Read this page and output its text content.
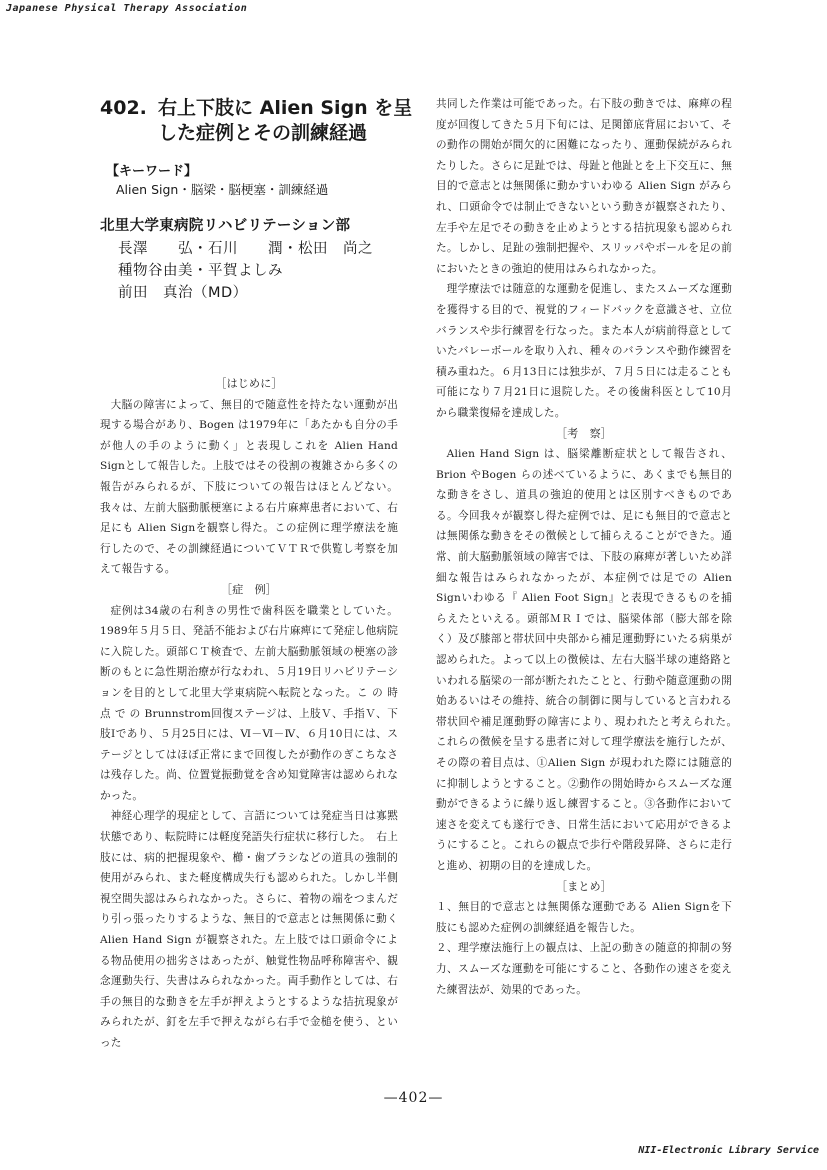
Japanese Physical Therapy Association
402. 右上下肢に Alien Sign を呈
した症例とその訓練経過
【キーワード】
Alien Sign・脳梁・脳梗塞・訓練経過
北里大学東病院リハビリテーション部
長澤　　弘・石川　　潤・松田　尚之
種物谷由美・平賀よしみ
前田　真治（MD）
［はじめに］

大脳の障害によって、無目的で随意性を持たない運動が出現する場合があり、Bogen は1979年に「あたかも自分の手が他人の手のように動く」と表現しこれを Alien Hand Signとして報告した。上肢ではその役割の複雑さから多くの報告がみられるが、下肢についての報告はほとんどない。我々は、左前大脳動脈梗塞による右片麻痺患者において、右足にも Alien Signを観察し得た。この症例に理学療法を施行したので、その訓練経過についてＶＴＲで供覧し考察を加えて報告する。

［症　例］

症例は34歳の右利きの男性で歯科医を職業としていた。1989年５月５日、発話不能および右片麻痺にて発症し他病院に入院した。頭部ＣＴ検査で、左前大脳動脈領域の梗塞の診断のもとに急性期治療が行なわれ、５月19日リハビリテーションを目的として北里大学東病院へ転院となった。こ の 時 点 で の Brunnstrom回復ステージは、上肢Ｖ、手指Ｖ、下肢Ⅰであり、５月25日には、Ⅵ－Ⅵ－Ⅳ、６月10日には、ステージとしてはほぼ正常にまで回復したが動作のぎこちなさは残存した。尚、位置覚振動覚を含め知覚障害は認められなかった。

神経心理学的現症として、言語については発症当日は寡黙状態であり、転院時には軽度発語失行症状に移行した。　右上肢には、病的把握現象や、櫛・歯ブラシなどの道具の強制的使用がみられ、また軽度構成失行も認められた。しかし半側視空間失認はみられなかった。さらに、着物の端をつまんだり引っ張ったりするような、無目的で意志とは無関係に動くAlien Hand Sign が観察された。左上肢では口頭命令による物品使用の拙劣さはあったが、触覚性物品呼称障害や、観念運動失行、失書はみられなかった。両手動作としては、右手の無目的な動きを左手が押えようとするような拮抗現象がみられたが、釘を左手で押えながら右手で金槌を使う、といった

共同した作業は可能であった。右下肢の動きでは、麻痺の程度が回復してきた５月下旬には、足関節底背屈において、その動作の開始が間欠的に困難になったり、運動保続がみられたりした。さらに足趾では、母趾と他趾とを上下交互に、無目的で意志とは無関係に動かすいわゆる Alien Sign がみられ、口頭命令では制止できないという動きが観察されたり、左手や左足でその動きを止めようとする拮抗現象も認められた。しかし、足趾の強制把握や、スリッパやボールを足の前においたときの強迫的使用はみられなかった。

理学療法では随意的な運動を促進し、またスムーズな運動を獲得する目的で、視覚的フィードバックを意識させ、立位バランスや歩行練習を行なった。また本人が病前得意としていたバレーボールを取り入れ、種々のバランスや動作練習を積み重ねた。６月13日には独歩が、７月５日には走ることも可能になり７月21日に退院した。その後歯科医として10月から職業復帰を達成した。

［考　察］

Alien Hand Sign は、脳梁離断症状として報告され、Brion やBogen らの述べているように、あくまでも無目的な動きをさし、道具の強迫的使用とは区別すべきものである。今回我々が観察し得た症例では、足にも無目的で意志とは無関係な動きをその徴候として捕らえることができた。通常、前大脳動脈領域の障害では、下肢の麻痺が著しいため詳細な報告はみられなかったが、本症例では足での Alien Signいわゆる『 Alien Foot Sign』と表現できるものを捕らえたといえる。頭部ＭＲＩでは、脳梁体部（膨大部を除く）及び膝部と帯状回中央部から補足運動野にいたる病巣が認められた。よって以上の徴候は、左右大脳半球の連絡路といわれる脳梁の一部が断たれたことと、行動や随意運動の開始あるいはその維持、統合の制御に関与していると言われる帯状回や補足運動野の障害により、現われたと考えられた。　これらの徴候を呈する患者に対して理学療法を施行したが、その際の着目点は、①Alien Sign が現われた際には随意的に抑制しようとすること。②動作の開始時からスムーズな運動ができるように繰り返し練習すること。③各動作において速さを変えても遂行でき、日常生活において応用ができるようにすること。これらの観点で歩行や階段昇降、さらに走行と進め、初期の目的を達成した。

［まとめ］

１、無目的で意志とは無関係な運動である Alien Signを下肢にも認めた症例の訓練経過を報告した。

２、理学療法施行上の観点は、上記の動きの随意的抑制の努力、スムーズな運動を可能にすること、各動作の速さを変えた練習法が、効果的であった。

—402—
NII-Electronic Library Service
